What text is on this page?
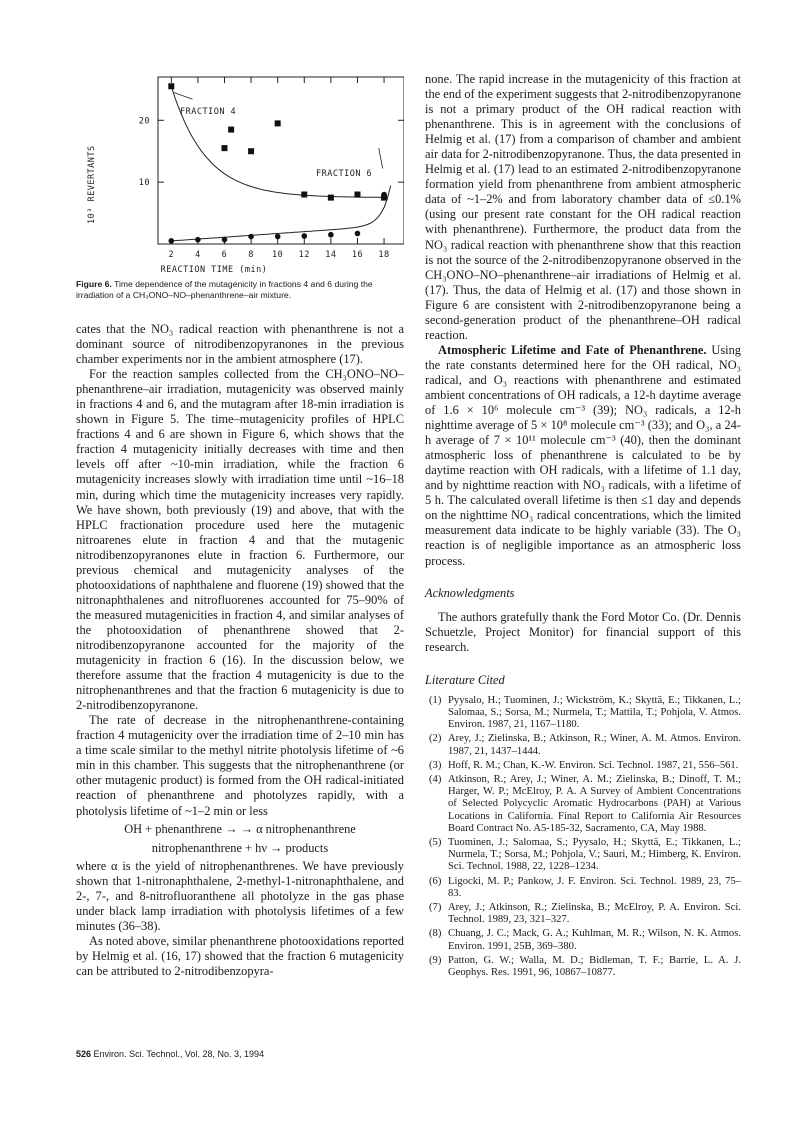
2 4 6 8 10 12 14 16 18
20
10
10³ REVERTANTS
REACTION TIME (min)
FRACTION 4
FRACTION 6
Figure 6. Time dependence of the mutagenicity in fractions 4 and 6 during the irradiation of a CH₃ONO–NO–phenanthrene–air mixture.

cates that the NO₃ radical reaction with phenanthrene is not a dominant source of nitrodibenzopyranones in the previous chamber experiments nor in the ambient atmosphere (17).

For the reaction samples collected from the CH₃ONO–NO–phenanthrene–air irradiation, mutagenicity was observed mainly in fractions 4 and 6, and the mutagram after 18-min irradiation is shown in Figure 5. The time–mutagenicity profiles of HPLC fractions 4 and 6 are shown in Figure 6, which shows that the fraction 4 mutagenicity initially decreases with time and then levels off after ~10-min irradiation, while the fraction 6 mutagenicity increases slowly with irradiation time until ~16–18 min, during which time the mutagenicity increases very rapidly. We have shown, both previously (19) and above, that with the HPLC fractionation procedure used here the mutagenic nitroarenes elute in fraction 4 and that the mutagenic nitrodibenzopyranones elute in fraction 6. Furthermore, our previous chemical and mutagenicity analyses of the photooxidations of naphthalene and fluorene (19) showed that the nitronaphthalenes and nitrofluorenes accounted for 75–90% of the measured mutagenicities in fraction 4, and similar analyses of the photooxidation of phenanthrene showed that 2-nitrodibenzopyranone accounted for the majority of the mutagenicity in fraction 6 (16). In the discussion below, we therefore assume that the fraction 4 mutagenicity is due to the nitrophenanthrenes and that the fraction 6 mutagenicity is due to 2-nitrodibenzopyranone.

The rate of decrease in the nitrophenanthrene-containing fraction 4 mutagenicity over the irradiation time of 2–10 min has a time scale similar to the methyl nitrite photolysis lifetime of ~6 min in this chamber. This suggests that the nitrophenanthrene (or other mutagenic product) is formed from the OH radical-initiated reaction of phenanthrene and photolyzes rapidly, with a photolysis lifetime of ~1–2 min or less

OH + phenanthrene → → α nitrophenanthrene
nitrophenanthrene + hν → products

where α is the yield of nitrophenanthrenes. We have previously shown that 1-nitronaphthalene, 2-methyl-1-nitronaphthalene, and 2-, 7-, and 8-nitrofluoranthene all photolyze in the gas phase under black lamp irradiation with photolysis lifetimes of a few minutes (36–38).

As noted above, similar phenanthrene photooxidations reported by Helmig et al. (16, 17) showed that the fraction 6 mutagenicity can be attributed to 2-nitrodibenzopyra-

none. The rapid increase in the mutagenicity of this fraction at the end of the experiment suggests that 2-nitrodibenzopyranone is not a primary product of the OH radical reaction with phenanthrene. This is in agreement with the conclusions of Helmig et al. (17) from a comparison of chamber and ambient air data for 2-nitrodibenzopyranone. Thus, the data presented in Helmig et al. (17) lead to an estimated 2-nitrodibenzopyranone formation yield from phenanthrene from ambient atmospheric data of ~1–2% and from laboratory chamber data of ≤0.1% (using our present rate constant for the OH radical reaction with phenanthrene). Furthermore, the product data from the NO₃ radical reaction with phenanthrene show that this reaction is not the source of the 2-nitrodibenzopyranone observed in the CH₃ONO–NO–phenanthrene–air irradiations of Helmig et al. (17). Thus, the data of Helmig et al. (17) and those shown in Figure 6 are consistent with 2-nitrodibenzopyranone being a second-generation product of the phenanthrene–OH radical reaction.

Atmospheric Lifetime and Fate of Phenanthrene. Using the rate constants determined here for the OH radical, NO₃ radical, and O₃ reactions with phenanthrene and estimated ambient concentrations of OH radicals, a 12-h daytime average of 1.6 × 10⁶ molecule cm⁻³ (39); NO₃ radicals, a 12-h nighttime average of 5 × 10⁸ molecule cm⁻³ (33); and O₃, a 24-h average of 7 × 10¹¹ molecule cm⁻³ (40), then the dominant atmospheric loss of phenanthrene is calculated to be by daytime reaction with OH radicals, with a lifetime of 1.1 day, and by nighttime reaction with NO₃ radicals, with a lifetime of 5 h. The calculated overall lifetime is then ≤1 day and depends on the nighttime NO₃ radical concentrations, which the limited measurement data indicate to be highly variable (33). The O₃ reaction is of negligible importance as an atmospheric loss process.

Acknowledgments

The authors gratefully thank the Ford Motor Co. (Dr. Dennis Schuetzle, Project Monitor) for financial support of this research.

Literature Cited

(1) Pyysalo, H.; Tuominen, J.; Wickström, K.; Skyttä, E.; Tikkanen, L.; Salomaa, S.; Sorsa, M.; Nurmela, T.; Mattila, T.; Pohjola, V. Atmos. Environ. 1987, 21, 1167–1180.
(2) Arey, J.; Zielinska, B.; Atkinson, R.; Winer, A. M. Atmos. Environ. 1987, 21, 1437–1444.
(3) Hoff, R. M.; Chan, K.-W. Environ. Sci. Technol. 1987, 21, 556–561.
(4) Atkinson, R.; Arey, J.; Winer, A. M.; Zielinska, B.; Dinoff, T. M.; Harger, W. P.; McElroy, P. A. A Survey of Ambient Concentrations of Selected Polycyclic Aromatic Hydrocarbons (PAH) at Various Locations in California. Final Report to California Air Resources Board Contract No. A5-185-32, Sacramento, CA, May 1988.
(5) Tuominen, J.; Salomaa, S.; Pyysalo, H.; Skyttä, E.; Tikkanen, L.; Nurmela, T.; Sorsa, M.; Pohjola, V.; Sauri, M.; Himberg, K. Environ. Sci. Technol. 1988, 22, 1228–1234.
(6) Ligocki, M. P.; Pankow, J. F. Environ. Sci. Technol. 1989, 23, 75–83.
(7) Arey, J.; Atkinson, R.; Zielinska, B.; McElroy, P. A. Environ. Sci. Technol. 1989, 23, 321–327.
(8) Chuang, J. C.; Mack, G. A.; Kuhlman, M. R.; Wilson, N. K. Atmos. Environ. 1991, 25B, 369–380.
(9) Patton, G. W.; Walla, M. D.; Bidleman, T. F.; Barrie, L. A. J. Geophys. Res. 1991, 96, 10867–10877.
526 Environ. Sci. Technol., Vol. 28, No. 3, 1994
